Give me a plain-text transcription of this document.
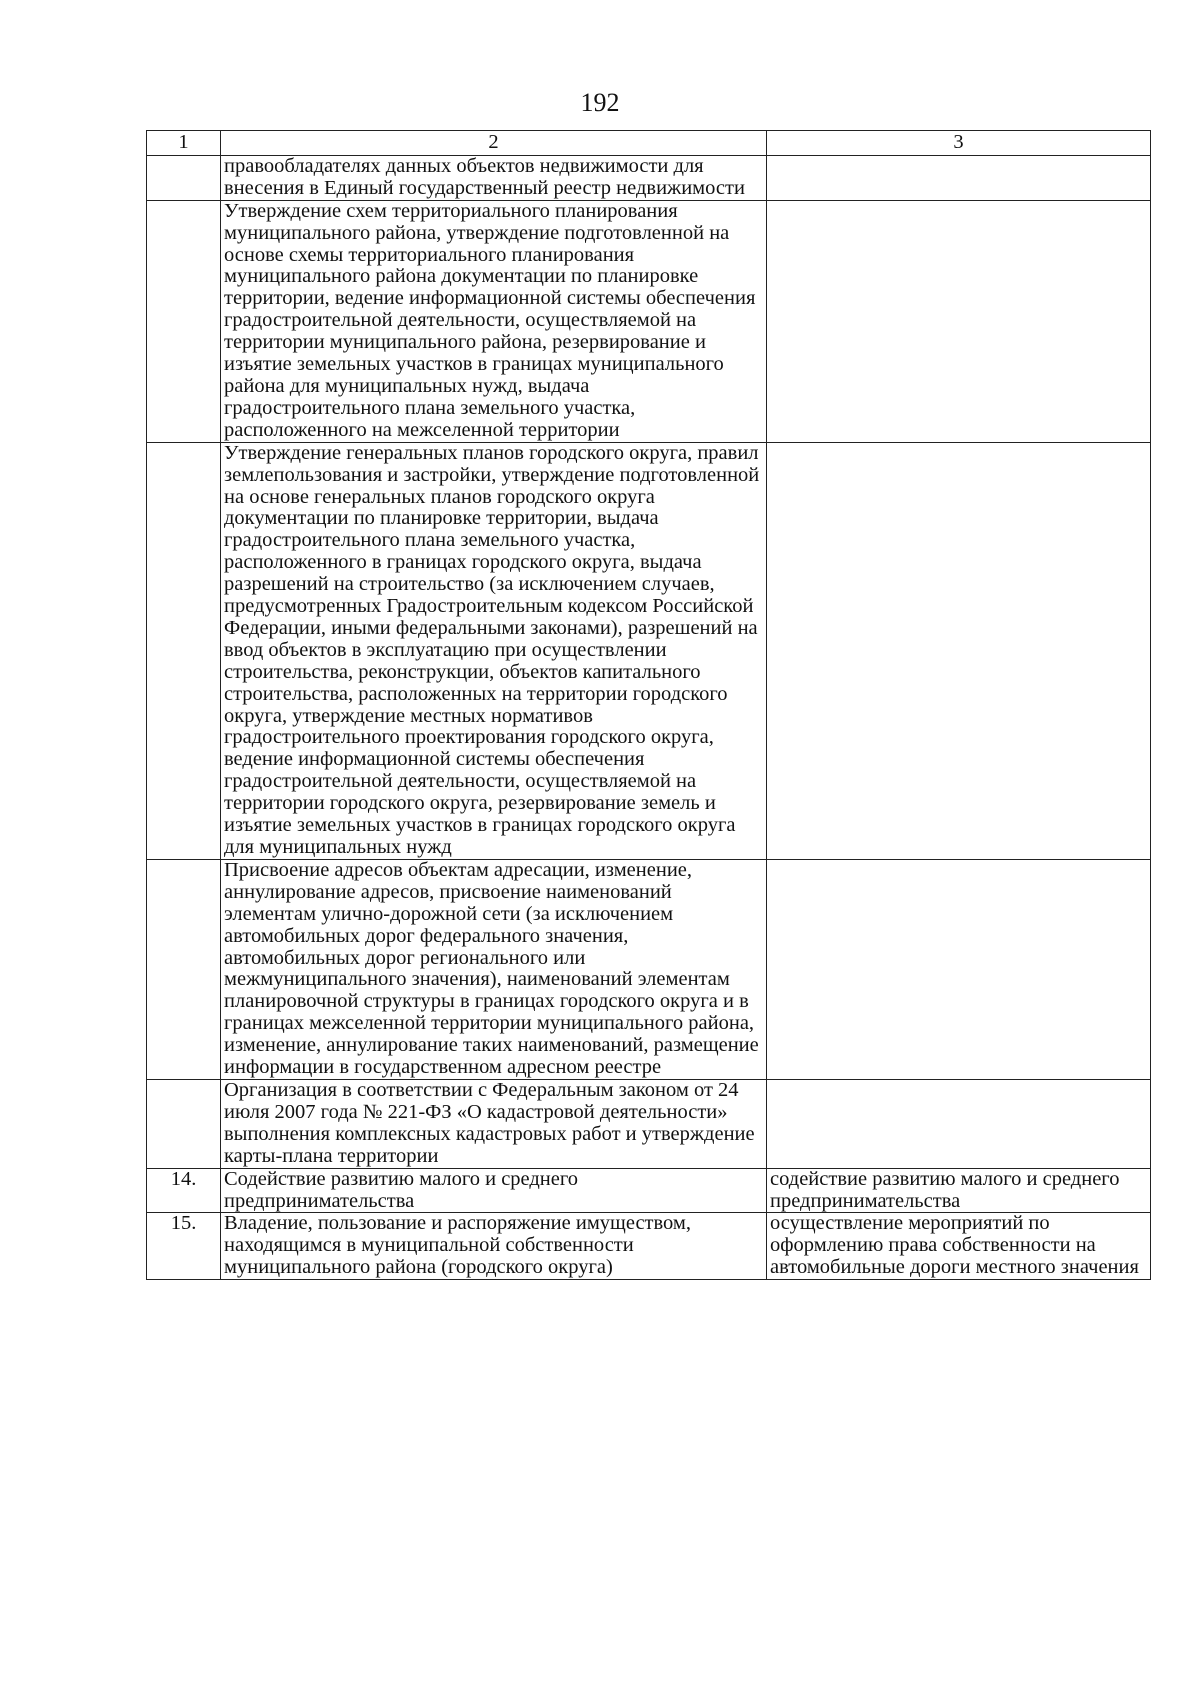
192
1	2	3
	правообладателях данных объектов недвижимости для внесения в Единый государственный реестр недвижимости	
	Утверждение схем территориального планирования муниципального района, утверждение подготовленной на основе схемы территориального планирования муниципального района документации по планировке территории, ведение информационной системы обеспечения градостроительной деятельности, осуществляемой на территории муниципального района, резервирование и изъятие земельных участков в границах муниципального района для муниципальных нужд, выдача градостроительного плана земельного участка, расположенного на межселенной территории	
	Утверждение генеральных планов городского округа, правил землепользования и застройки, утверждение подготовленной на основе генеральных планов городского округа документации по планировке территории, выдача градостроительного плана земельного участка, расположенного в границах городского округа, выдача разрешений на строительство (за исключением случаев, предусмотренных Градостроительным кодексом Российской Федерации, иными федеральными законами), разрешений на ввод объектов в эксплуатацию при осуществлении строительства, реконструкции, объектов капитального строительства, расположенных на территории городского округа, утверждение местных нормативов градостроительного проектирования городского округа, ведение информационной системы обеспечения градостроительной деятельности, осуществляемой на территории городского округа, резервирование земель и изъятие земельных участков в границах городского округа для муниципальных нужд	
	Присвоение адресов объектам адресации, изменение, аннулирование адресов, присвоение наименований элементам улично-дорожной сети (за исключением автомобильных дорог федерального значения, автомобильных дорог регионального или межмуниципального значения), наименований элементам планировочной структуры в границах городского округа и в границах межселенной территории муниципального района, изменение, аннулирование таких наименований, размещение информации в государственном адресном реестре	
	Организация в соответствии с Федеральным законом от 24 июля 2007 года № 221-ФЗ «О кадастровой деятельности» выполнения комплексных кадастровых работ и утверждение карты-плана территории	
14.	Содействие развитию малого и среднего предпринимательства	содействие развитию малого и среднего предпринимательства
15.	Владение, пользование и распоряжение имуществом, находящимся в муниципальной собственности муниципального района (городского округа)	осуществление мероприятий по оформлению права собственности на автомобильные дороги местного значения
